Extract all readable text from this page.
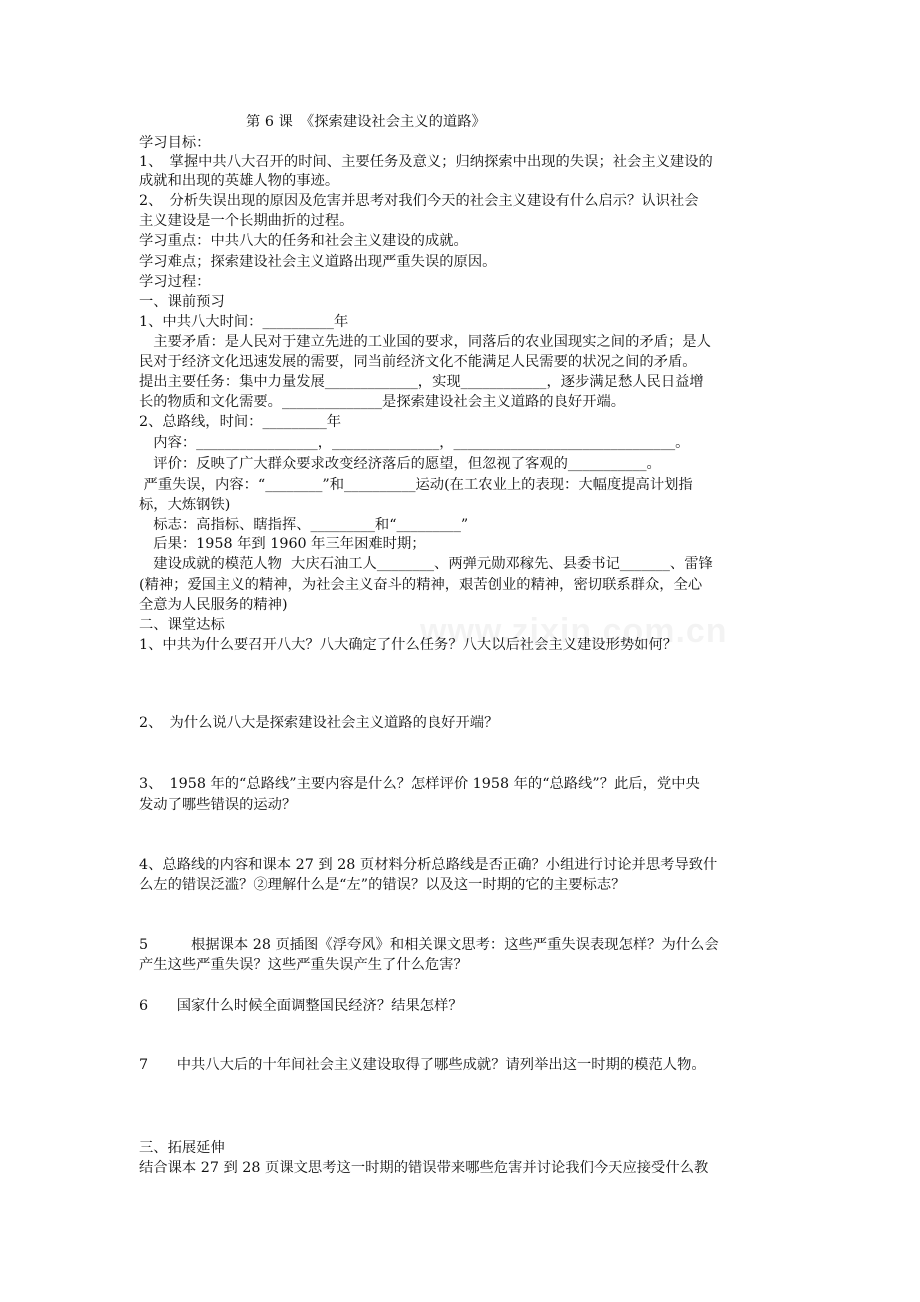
第 6 课　《探索建设社会主义的道路》
学习目标：
1、　掌握中共八大召开的时间、主要任务及意义；归纳探索中出现的失误；社会主义建设的
成就和出现的英雄人物的事迹。
2、　分析失误出现的原因及危害并思考对我们今天的社会主义建设有什么启示？认识社会
主义建设是一个长期曲折的过程。
学习重点：中共八大的任务和社会主义建设的成就。
学习难点；探索建设社会主义道路出现严重失误的原因。
学习过程：
一、课前预习
1、中共八大时间：__________年
　主要矛盾：是人民对于建立先进的工业国的要求，同落后的农业国现实之间的矛盾；是人
民对于经济文化迅速发展的需要，同当前经济文化不能满足人民需要的状况之间的矛盾。
提出主要任务：集中力量发展_____________，实现____________，逐步满足愁人民日益增
长的物质和文化需要。______________是探索建设社会主义道路的良好开端。
2、总路线，时间：_________年
　内容：_________________，_______________，_______________________________。
　评价：反映了广大群众要求改变经济落后的愿望，但忽视了客观的___________。
严重失误，内容：“________”和__________运动(在工农业上的表现：大幅度提高计划指
标，大炼钢铁)
　标志：高指标、瞎指挥、_________和“_________”
　后果：1958 年到 1960 年三年困难时期；
　建设成就的模范人物  大庆石油工人________、两弹元勋邓稼先、县委书记_______、雷锋
(精神；爱国主义的精神，为社会主义奋斗的精神，艰苦创业的精神，密切联系群众，全心
全意为人民服务的精神)
二、课堂达标
1、中共为什么要召开八大？八大确定了什么任务？八大以后社会主义建设形势如何？
2、　为什么说八大是探索建设社会主义道路的良好开端？
3、　1958 年的“总路线”主要内容是什么？怎样评价 1958 年的“总路线”？此后，党中央
发动了哪些错误的运动？
4、总路线的内容和课本 27 到 28 页材料分析总路线是否正确？小组进行讨论并思考导致什
么左的错误泛滥？②理解什么是“左”的错误？以及这一时期的它的主要标志？
5　　　根据课本 28 页插图《浮夸风》和相关课文思考：这些严重失误表现怎样？为什么会
产生这些严重失误？这些严重失误产生了什么危害？
6　　国家什么时候全面调整国民经济？结果怎样？
7　　中共八大后的十年间社会主义建设取得了哪些成就？请列举出这一时期的模范人物。
三、拓展延伸
结合课本 27 到 28 页课文思考这一时期的错误带来哪些危害并讨论我们今天应接受什么教
